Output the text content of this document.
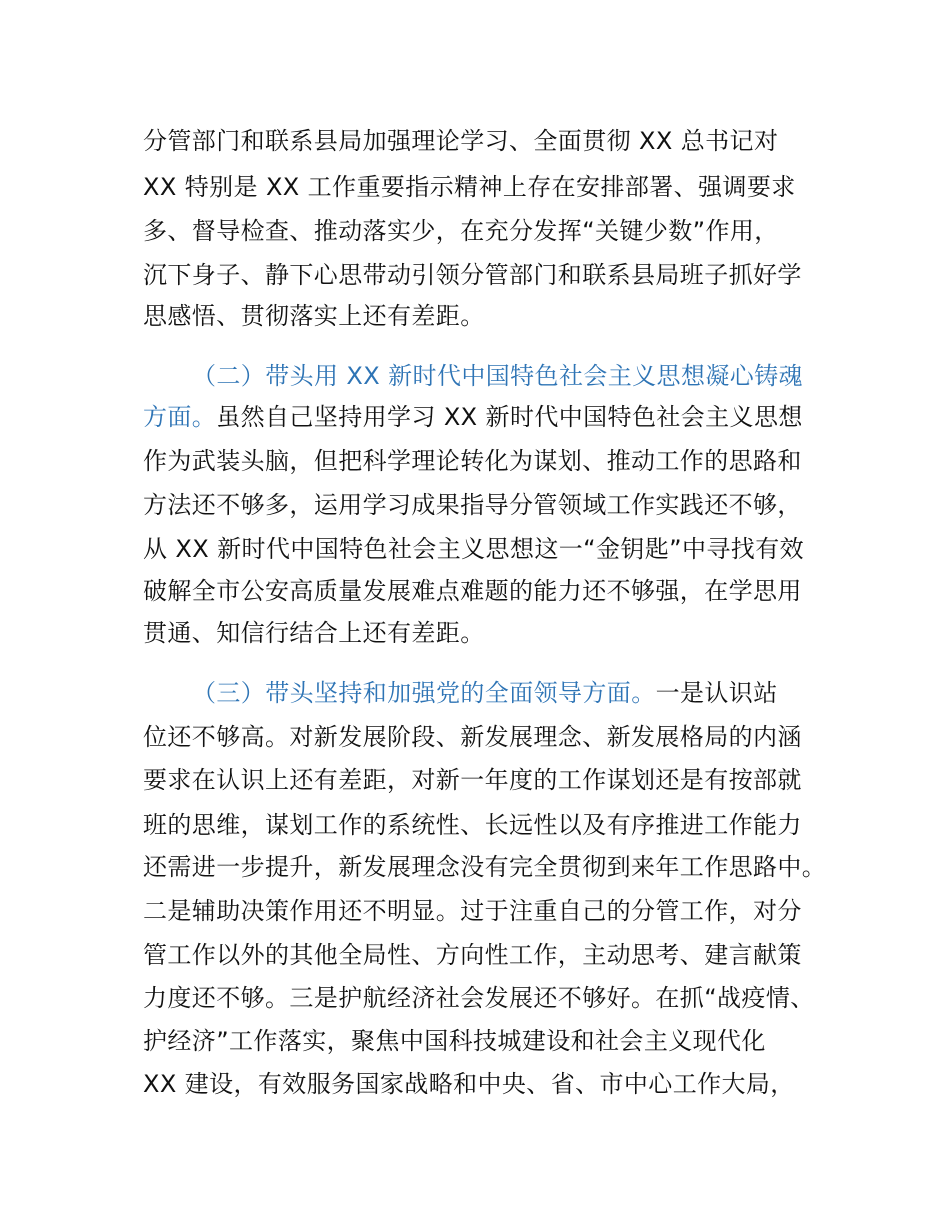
分管部门和联系县局加强理论学习、全面贯彻 XX 总书记对
XX 特别是 XX 工作重要指示精神上存在安排部署、强调要求
多、督导检查、推动落实少，在充分发挥“关键少数”作用，
沉下身子、静下心思带动引领分管部门和联系县局班子抓好学
思感悟、贯彻落实上还有差距。
（二）带头用 XX 新时代中国特色社会主义思想凝心铸魂
方面。虽然自己坚持用学习 XX 新时代中国特色社会主义思想
作为武装头脑，但把科学理论转化为谋划、推动工作的思路和
方法还不够多，运用学习成果指导分管领域工作实践还不够，
从 XX 新时代中国特色社会主义思想这一“金钥匙”中寻找有效
破解全市公安高质量发展难点难题的能力还不够强，在学思用
贯通、知信行结合上还有差距。
（三）带头坚持和加强党的全面领导方面。一是认识站
位还不够高。对新发展阶段、新发展理念、新发展格局的内涵
要求在认识上还有差距，对新一年度的工作谋划还是有按部就
班的思维，谋划工作的系统性、长远性以及有序推进工作能力
还需进一步提升，新发展理念没有完全贯彻到来年工作思路中。
二是辅助决策作用还不明显。过于注重自己的分管工作，对分
管工作以外的其他全局性、方向性工作，主动思考、建言献策
力度还不够。三是护航经济社会发展还不够好。在抓“战疫情、
护经济”工作落实，聚焦中国科技城建设和社会主义现代化
XX 建设，有效服务国家战略和中央、省、市中心工作大局，
